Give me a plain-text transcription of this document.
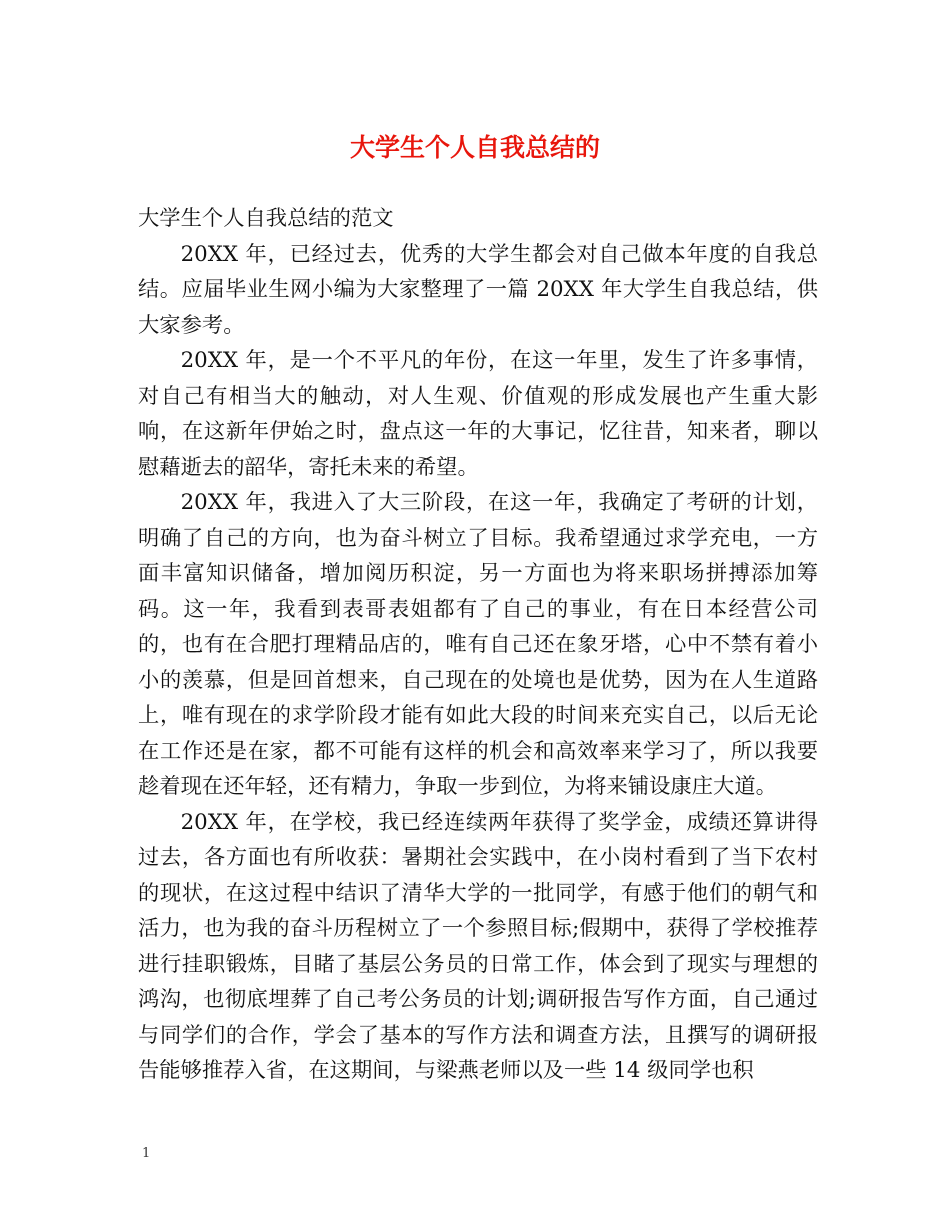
大学生个人自我总结的

大学生个人自我总结的范文

20XX 年，已经过去，优秀的大学生都会对自己做本年度的自我总结。应届毕业生网小编为大家整理了一篇 20XX 年大学生自我总结，供大家参考。

20XX 年，是一个不平凡的年份，在这一年里，发生了许多事情，对自己有相当大的触动，对人生观、价值观的形成发展也产生重大影响，在这新年伊始之时，盘点这一年的大事记，忆往昔，知来者，聊以慰藉逝去的韶华，寄托未来的希望。

20XX 年，我进入了大三阶段，在这一年，我确定了考研的计划，明确了自己的方向，也为奋斗树立了目标。我希望通过求学充电，一方面丰富知识储备，增加阅历积淀，另一方面也为将来职场拼搏添加筹码。这一年，我看到表哥表姐都有了自己的事业，有在日本经营公司的，也有在合肥打理精品店的，唯有自己还在象牙塔，心中不禁有着小小的羡慕，但是回首想来，自己现在的处境也是优势，因为在人生道路上，唯有现在的求学阶段才能有如此大段的时间来充实自己，以后无论在工作还是在家，都不可能有这样的机会和高效率来学习了，所以我要趁着现在还年轻，还有精力，争取一步到位，为将来铺设康庄大道。

20XX 年，在学校，我已经连续两年获得了奖学金，成绩还算讲得过去，各方面也有所收获：暑期社会实践中，在小岗村看到了当下农村的现状，在这过程中结识了清华大学的一批同学，有感于他们的朝气和活力，也为我的奋斗历程树立了一个参照目标;假期中，获得了学校推荐进行挂职锻炼，目睹了基层公务员的日常工作，体会到了现实与理想的鸿沟，也彻底埋葬了自己考公务员的计划;调研报告写作方面，自己通过与同学们的合作，学会了基本的写作方法和调查方法，且撰写的调研报告能够推荐入省，在这期间，与梁燕老师以及一些 14 级同学也积

1
